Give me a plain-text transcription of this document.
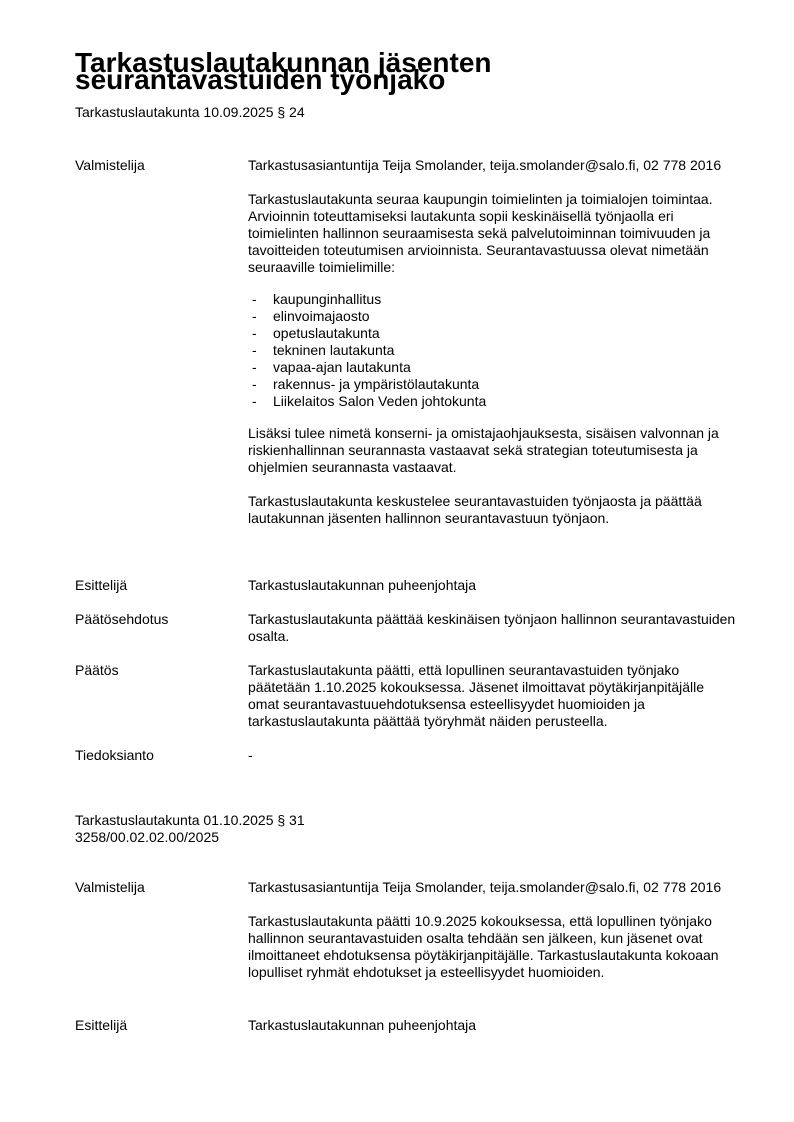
Tarkastuslautakunnan jäsenten seurantavastuiden työnjako

Tarkastuslautakunta 10.09.2025 § 24

Valmistelija	Tarkastusasiantuntija Teija Smolander, teija.smolander@salo.fi, 02 778 2016

Tarkastuslautakunta seuraa kaupungin toimielinten ja toimialojen toimintaa. Arvioinnin toteuttamiseksi lautakunta sopii keskinäisellä työnjaolla eri toimielinten hallinnon seuraamisesta sekä palvelutoiminnan toimivuuden ja tavoitteiden toteutumisen arvioinnista. Seurantavastuussa olevat nimetään seuraaville toimielimille:

-	kaupunginhallitus
-	elinvoimajaosto
-	opetuslautakunta
-	tekninen lautakunta
-	vapaa-ajan lautakunta
-	rakennus- ja ympäristölautakunta
-	Liikelaitos Salon Veden johtokunta

Lisäksi tulee nimetä konserni- ja omistajaohjauksesta, sisäisen valvonnan ja riskienhallinnan seurannasta vastaavat sekä strategian toteutumisesta ja ohjelmien seurannasta vastaavat.

Tarkastuslautakunta keskustelee seurantavastuiden työnjaosta ja päättää lautakunnan jäsenten hallinnon seurantavastuun työnjaon.

Esittelijä	Tarkastuslautakunnan puheenjohtaja
Päätösehdotus	Tarkastuslautakunta päättää keskinäisen työnjaon hallinnon seurantavastuiden osalta.
Päätös	Tarkastuslautakunta päätti, että lopullinen seurantavastuiden työnjako päätetään 1.10.2025 kokouksessa. Jäsenet ilmoittavat pöytäkirjanpitäjälle omat seurantavastuuehdotuksensa esteellisyydet huomioiden ja tarkastuslautakunta päättää työryhmät näiden perusteella.
Tiedoksianto	-

Tarkastuslautakunta 01.10.2025 § 31

3258/00.02.02.00/2025

Valmistelija	Tarkastusasiantuntija Teija Smolander, teija.smolander@salo.fi, 02 778 2016

Tarkastuslautakunta päätti 10.9.2025 kokouksessa, että lopullinen työnjako hallinnon seurantavastuiden osalta tehdään sen jälkeen, kun jäsenet ovat ilmoittaneet ehdotuksensa pöytäkirjanpitäjälle. Tarkastuslautakunta kokoaan lopulliset ryhmät ehdotukset ja esteellisyydet huomioiden.

Esittelijä	Tarkastuslautakunnan puheenjohtaja
